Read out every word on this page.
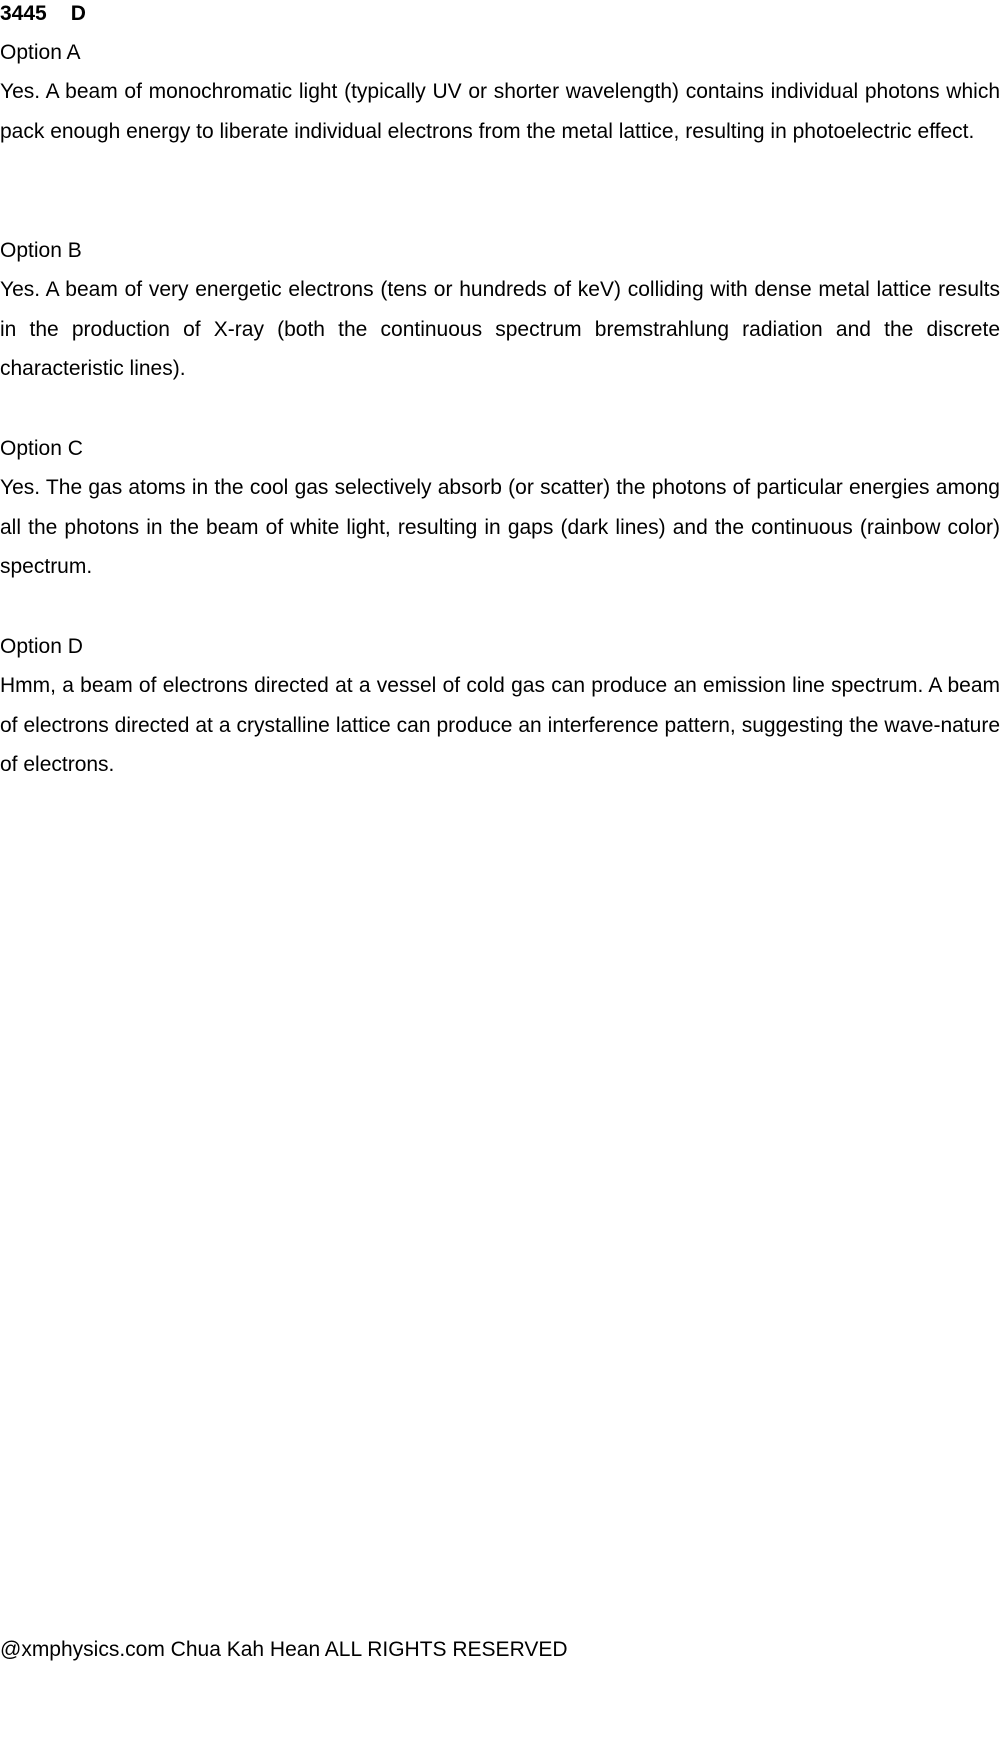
3445 D
Option A
Yes. A beam of monochromatic light (typically UV or shorter wavelength) contains individual photons which pack enough energy to liberate individual electrons from the metal lattice, resulting in photoelectric effect.
Option B
Yes. A beam of very energetic electrons (tens or hundreds of keV) colliding with dense metal lattice results in the production of X-ray (both the continuous spectrum bremstrahlung radiation and the discrete characteristic lines).
Option C
Yes. The gas atoms in the cool gas selectively absorb (or scatter) the photons of particular energies among all the photons in the beam of white light, resulting in gaps (dark lines) and the continuous (rainbow color) spectrum.
Option D
Hmm, a beam of electrons directed at a vessel of cold gas can produce an emission line spectrum. A beam of electrons directed at a crystalline lattice can produce an interference pattern, suggesting the wave-nature of electrons.
@xmphysics.com Chua Kah Hean ALL RIGHTS RESERVED
